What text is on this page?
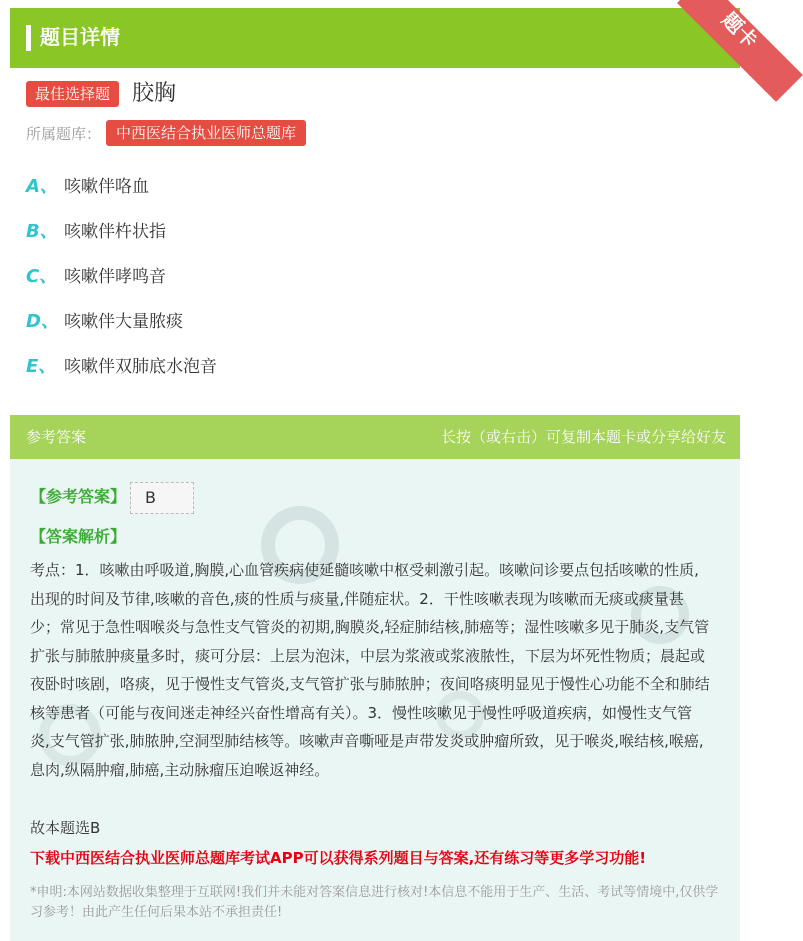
题目详情	题卡
最佳选择题 胶胸
所属题库： 中西医结合执业医师总题库
A、 咳嗽伴咯血
B、 咳嗽伴杵状指
C、 咳嗽伴哮鸣音
D、 咳嗽伴大量脓痰
E、 咳嗽伴双肺底水泡音
参考答案	长按（或右击）可复制本题卡或分享给好友
【参考答案】	B
【答案解析】
考点：1．咳嗽由呼吸道,胸膜,心血管疾病使延髓咳嗽中枢受刺激引起。咳嗽问诊要点包括咳嗽的性质,出现的时间及节律,咳嗽的音色,痰的性质与痰量,伴随症状。2．干性咳嗽表现为咳嗽而无痰或痰量甚少；常见于急性咽喉炎与急性支气管炎的初期,胸膜炎,轻症肺结核,肺癌等；湿性咳嗽多见于肺炎,支气管扩张与肺脓肿痰量多时，痰可分层：上层为泡沫，中层为浆液或浆液脓性，下层为坏死性物质；晨起或夜卧时咳剧，咯痰，见于慢性支气管炎,支气管扩张与肺脓肿；夜间咯痰明显见于慢性心功能不全和肺结核等患者（可能与夜间迷走神经兴奋性增高有关）。3．慢性咳嗽见于慢性呼吸道疾病，如慢性支气管炎,支气管扩张,肺脓肿,空洞型肺结核等。咳嗽声音嘶哑是声带发炎或肿瘤所致，见于喉炎,喉结核,喉癌,息肉,纵隔肿瘤,肺癌,主动脉瘤压迫喉返神经。
故本题选B
下载中西医结合执业医师总题库考试APP可以获得系列题目与答案,还有练习等更多学习功能!
*申明:本网站数据收集整理于互联网!我们并未能对答案信息进行核对!本信息不能用于生产、生活、考试等情境中,仅供学习参考！由此产生任何后果本站不承担责任!
